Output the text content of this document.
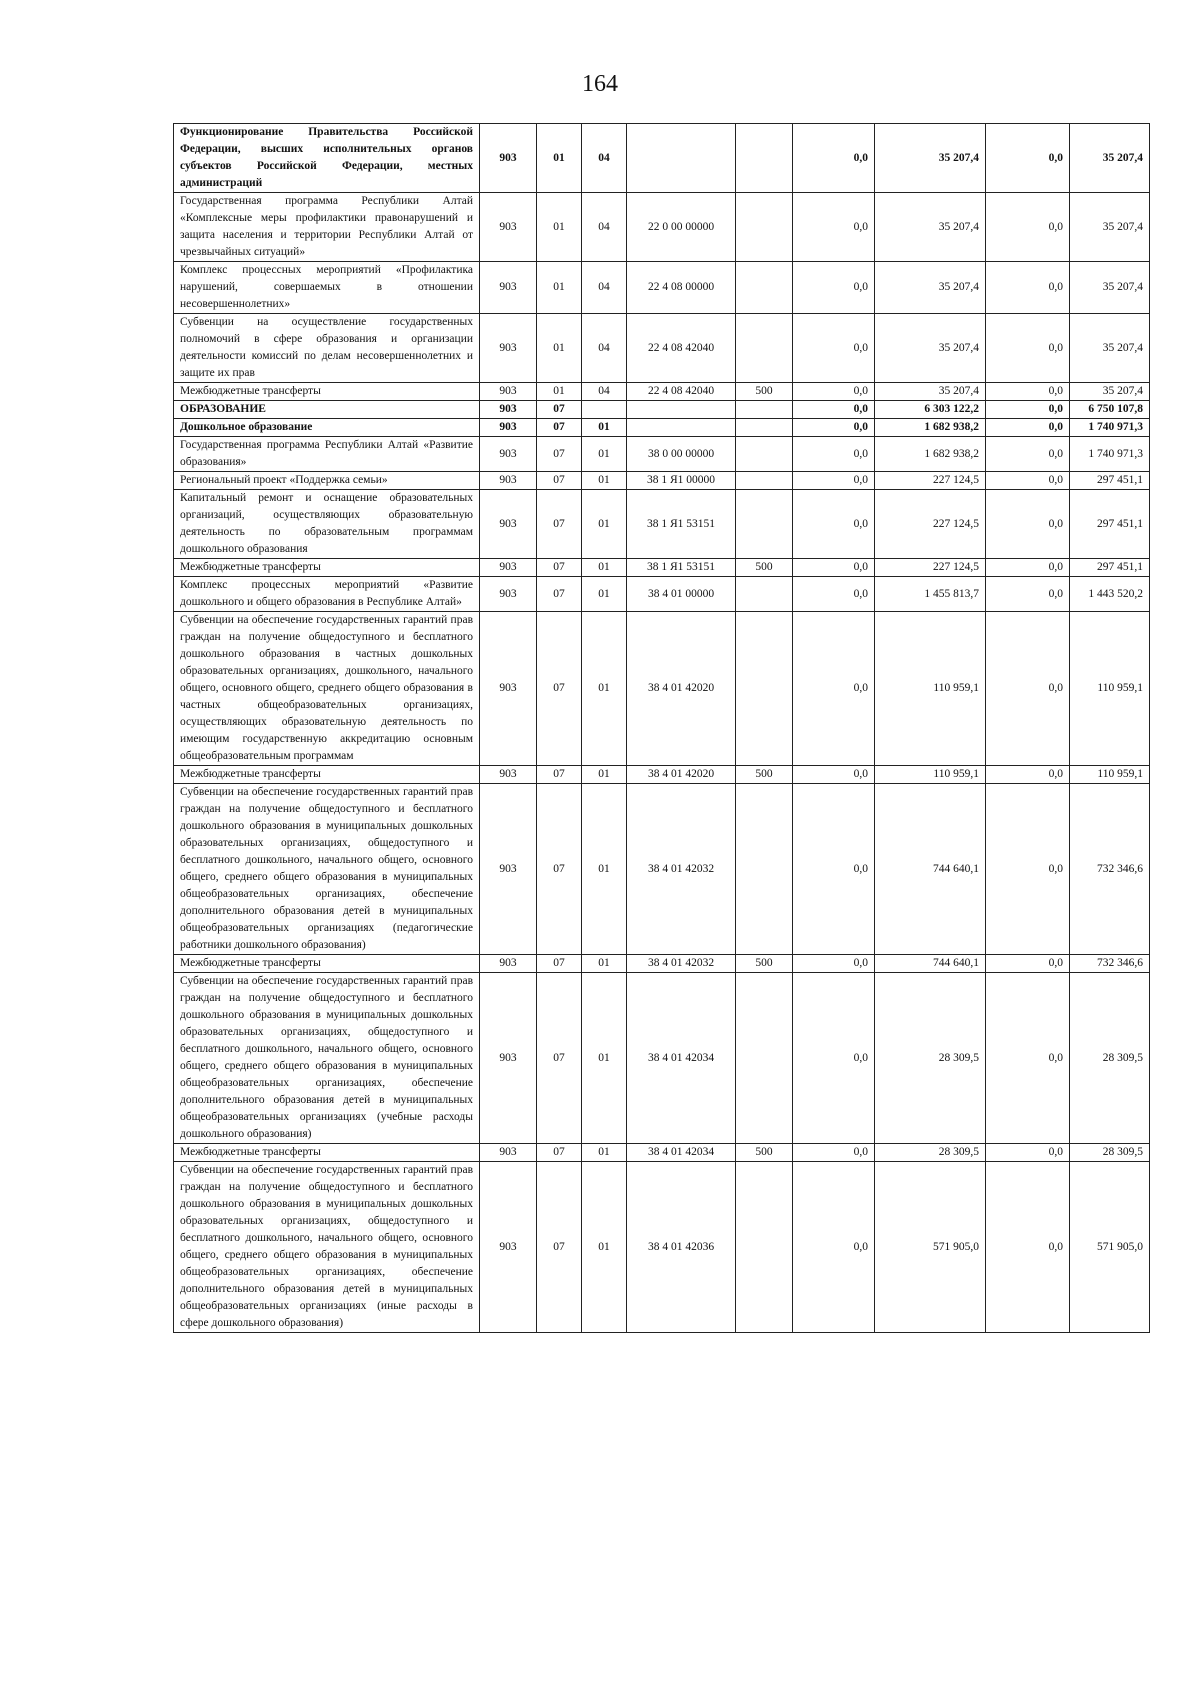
164
Функционирование Правительства Российской Федерации, высших исполнительных органов субъектов Российской Федерации, местных администраций	903	01	04			0,0	35 207,4	0,0	35 207,4
Государственная программа Республики Алтай «Комплексные меры профилактики правонарушений и защита населения и территории Республики Алтай от чрезвычайных ситуаций»	903	01	04	22 0 00 00000		0,0	35 207,4	0,0	35 207,4
Комплекс процессных мероприятий «Профилактика нарушений, совершаемых в отношении несовершеннолетних»	903	01	04	22 4 08 00000		0,0	35 207,4	0,0	35 207,4
Субвенции на осуществление государственных полномочий в сфере образования и организации деятельности комиссий по делам несовершеннолетних и защите их прав	903	01	04	22 4 08 42040		0,0	35 207,4	0,0	35 207,4
Межбюджетные трансферты	903	01	04	22 4 08 42040	500	0,0	35 207,4	0,0	35 207,4
ОБРАЗОВАНИЕ	903	07				0,0	6 303 122,2	0,0	6 750 107,8
Дошкольное образование	903	07	01			0,0	1 682 938,2	0,0	1 740 971,3
Государственная программа Республики Алтай «Развитие образования»	903	07	01	38 0 00 00000		0,0	1 682 938,2	0,0	1 740 971,3
Региональный проект «Поддержка семьи»	903	07	01	38 1 Я1 00000		0,0	227 124,5	0,0	297 451,1
Капитальный ремонт и оснащение образовательных организаций, осуществляющих образовательную деятельность по образовательным программам дошкольного образования	903	07	01	38 1 Я1 53151		0,0	227 124,5	0,0	297 451,1
Межбюджетные трансферты	903	07	01	38 1 Я1 53151	500	0,0	227 124,5	0,0	297 451,1
Комплекс процессных мероприятий «Развитие дошкольного и общего образования в Республике Алтай»	903	07	01	38 4 01 00000		0,0	1 455 813,7	0,0	1 443 520,2
Субвенции на обеспечение государственных гарантий прав граждан на получение общедоступного и бесплатного дошкольного образования в частных дошкольных образовательных организациях, дошкольного, начального общего, основного общего, среднего общего образования в частных общеобразовательных организациях, осуществляющих образовательную деятельность по имеющим государственную аккредитацию основным общеобразовательным программам	903	07	01	38 4 01 42020		0,0	110 959,1	0,0	110 959,1
Межбюджетные трансферты	903	07	01	38 4 01 42020	500	0,0	110 959,1	0,0	110 959,1
Субвенции на обеспечение государственных гарантий прав граждан на получение общедоступного и бесплатного дошкольного образования в муниципальных дошкольных образовательных организациях, общедоступного и бесплатного дошкольного, начального общего, основного общего, среднего общего образования в муниципальных общеобразовательных организациях, обеспечение дополнительного образования детей в муниципальных общеобразовательных организациях (педагогические работники дошкольного образования)	903	07	01	38 4 01 42032		0,0	744 640,1	0,0	732 346,6
Межбюджетные трансферты	903	07	01	38 4 01 42032	500	0,0	744 640,1	0,0	732 346,6
Субвенции на обеспечение государственных гарантий прав граждан на получение общедоступного и бесплатного дошкольного образования в муниципальных дошкольных образовательных организациях, общедоступного и бесплатного дошкольного, начального общего, основного общего, среднего общего образования в муниципальных общеобразовательных организациях, обеспечение дополнительного образования детей в муниципальных общеобразовательных организациях (учебные расходы дошкольного образования)	903	07	01	38 4 01 42034		0,0	28 309,5	0,0	28 309,5
Межбюджетные трансферты	903	07	01	38 4 01 42034	500	0,0	28 309,5	0,0	28 309,5
Субвенции на обеспечение государственных гарантий прав граждан на получение общедоступного и бесплатного дошкольного образования в муниципальных дошкольных образовательных организациях, общедоступного и бесплатного дошкольного, начального общего, основного общего, среднего общего образования в муниципальных общеобразовательных организациях, обеспечение дополнительного образования детей в муниципальных общеобразовательных организациях (иные расходы в сфере дошкольного образования)	903	07	01	38 4 01 42036		0,0	571 905,0	0,0	571 905,0
